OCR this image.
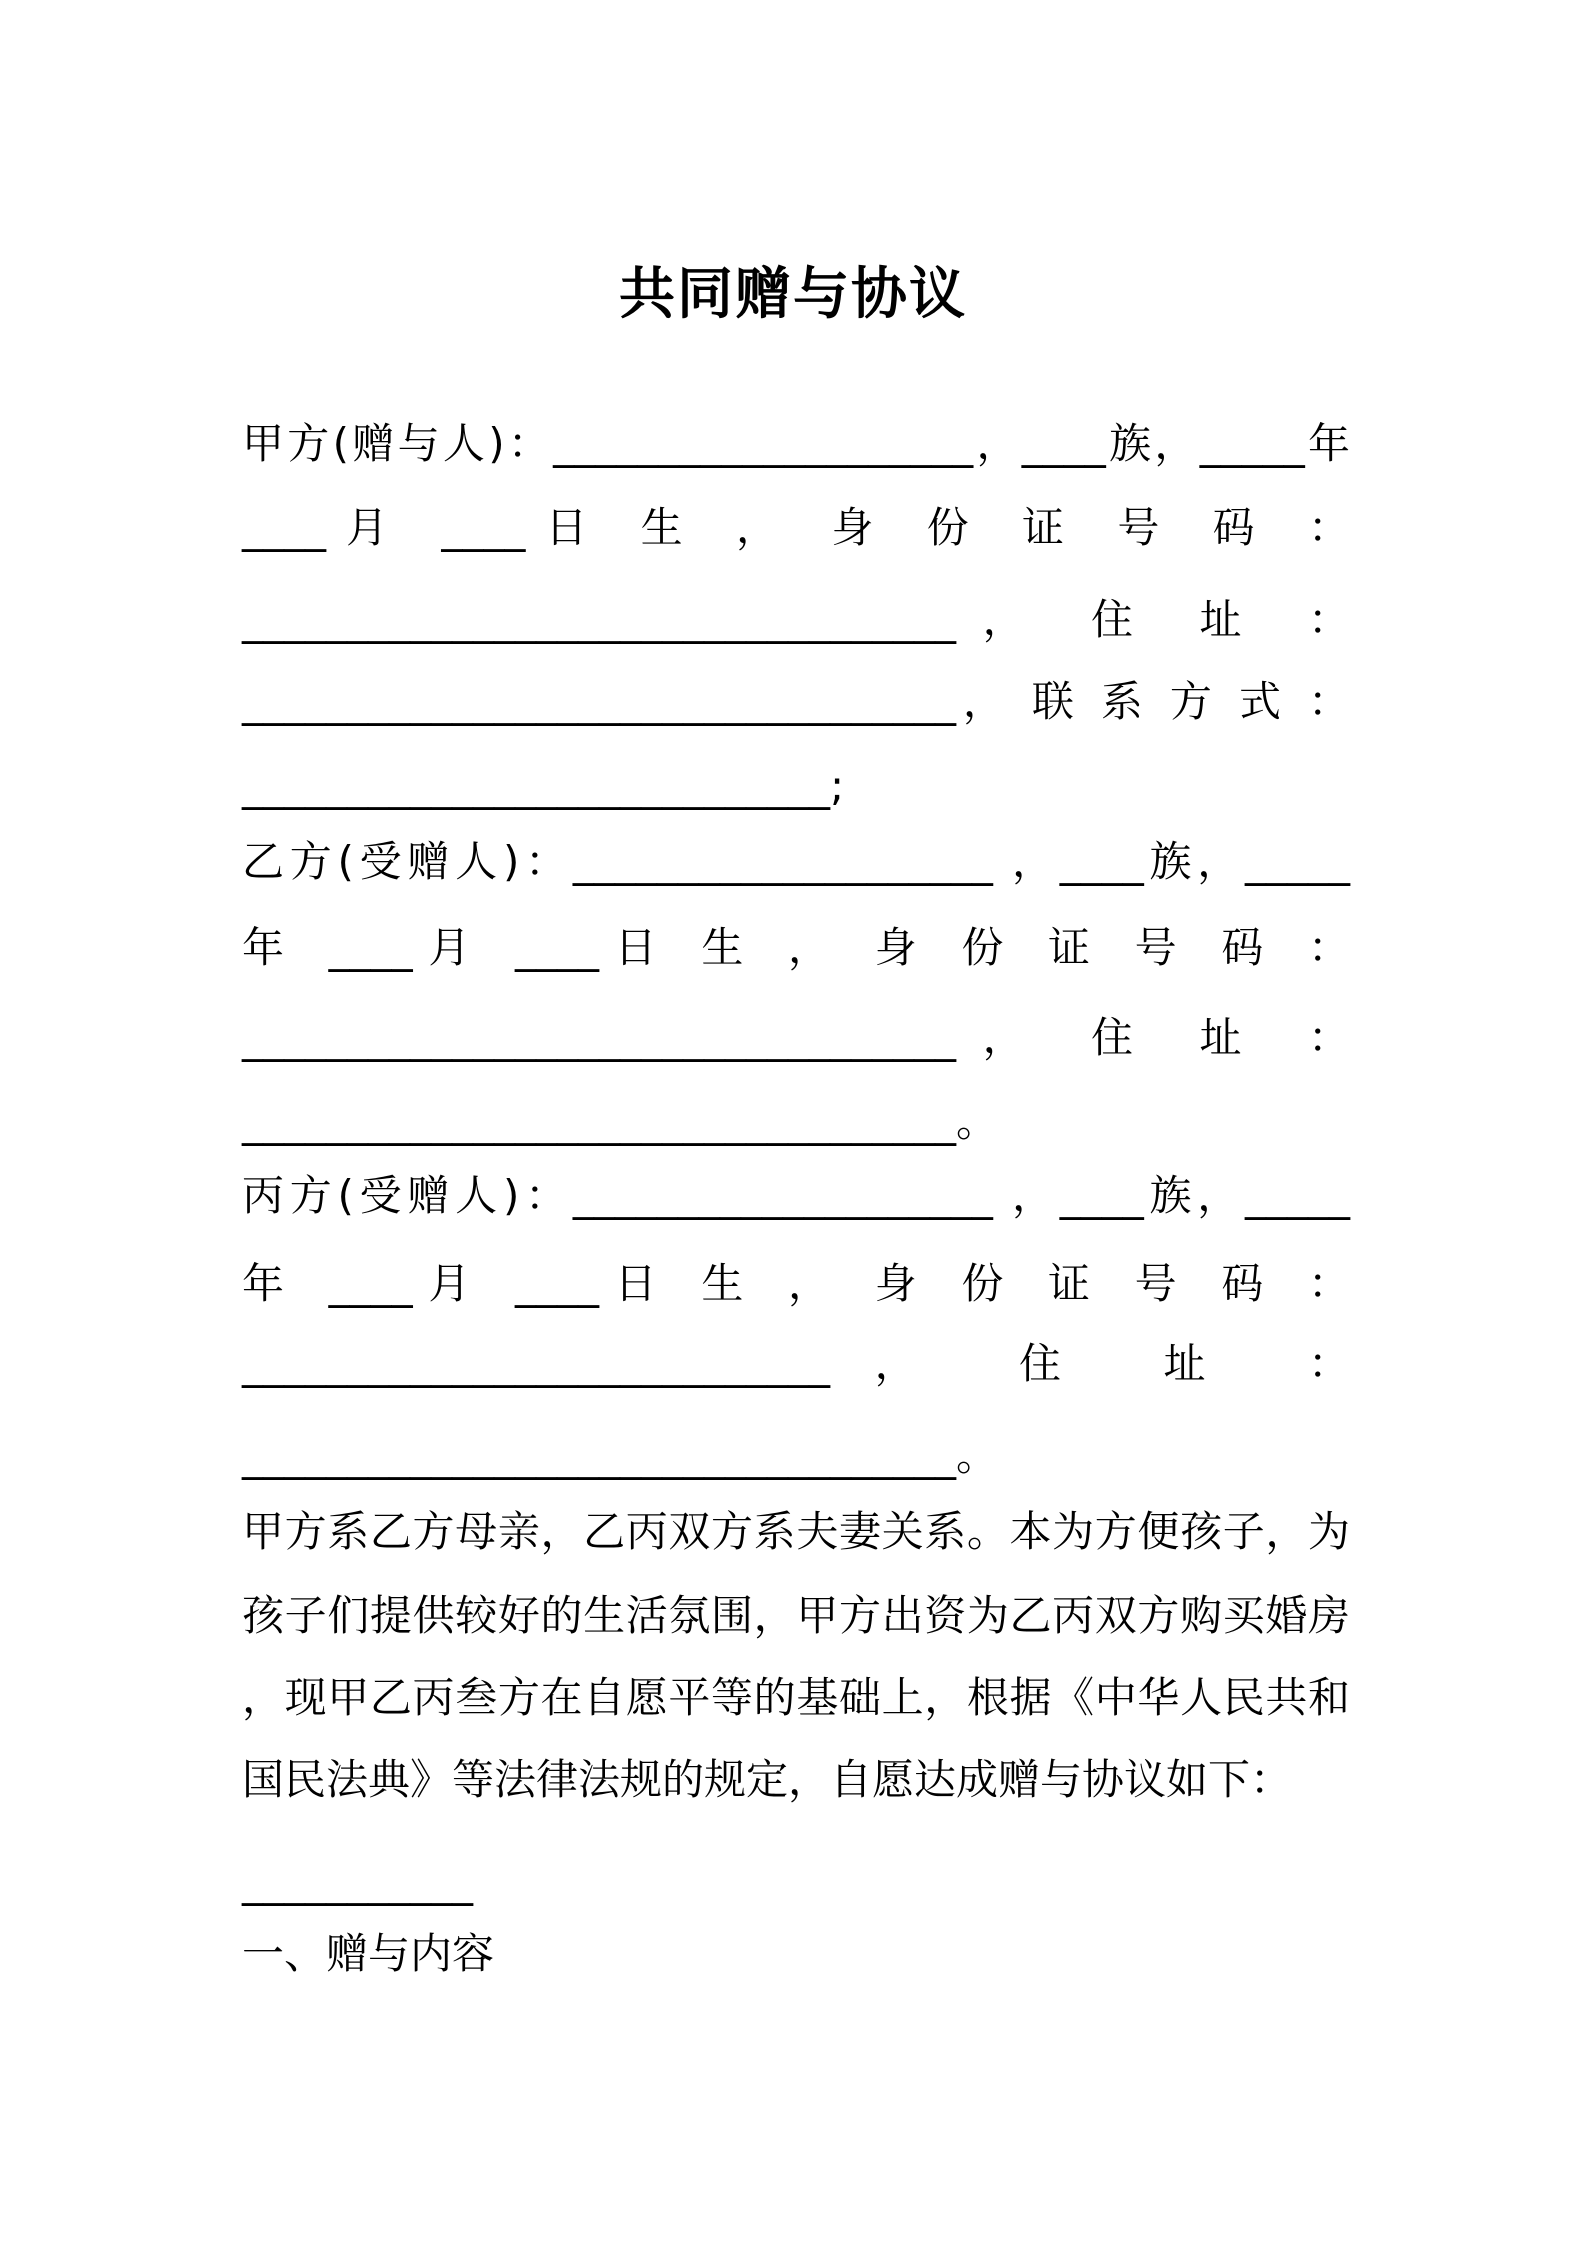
共同赠与协议
甲方(赠与人)：____________________，____族，_____年
____月 ____日 生 ， 身 份 证 号 码 ：
__________________________________， 住 址 ：
__________________________________， 联 系 方 式 ：
____________________________;
乙方(受赠人)：____________________ ，____族，_____
年 ____月 ____日 生 ， 身 份 证 号 码 ：
__________________________________， 住 址 ：
__________________________________。
丙方(受赠人)：____________________ ，____族，_____
年 ____月 ____日 生 ， 身 份 证 号 码 ：
____________________________， 住 址 ：
__________________________________。
甲方系乙方母亲，乙丙双方系夫妻关系。本为方便孩子，为
孩子们提供较好的生活氛围，甲方出资为乙丙双方购买婚房
，现甲乙丙叁方在自愿平等的基础上，根据《中华人民共和
国民法典》等法律法规的规定，自愿达成赠与协议如下：
___________
一、赠与内容
